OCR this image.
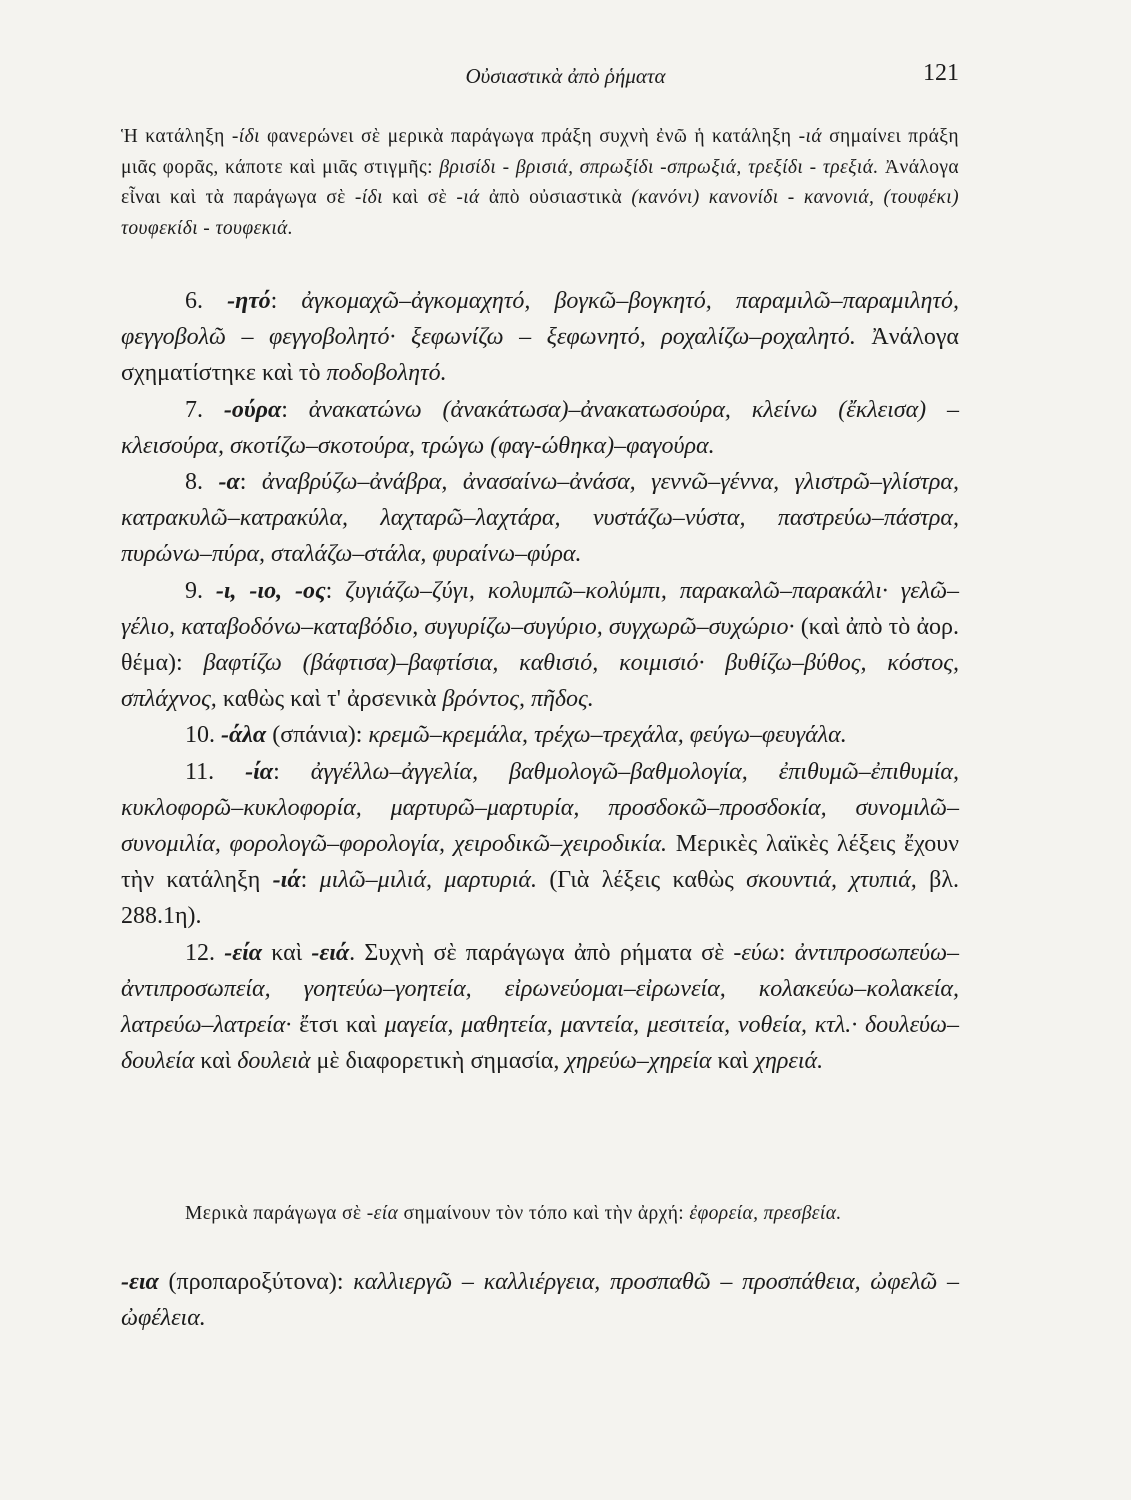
Οὐσιαστικὰ ἀπὸ ῥήματα	121

Ἡ κατάληξη -ίδι φανερώνει σὲ μερικὰ παράγωγα πράξη συχνὴ ἐνῶ ἡ κατάληξη -ιά σημαίνει πράξη μιᾶς φορᾶς, κάποτε καὶ μιᾶς στιγμῆς: βρισίδι - βρισιά, σπρωξίδι -σπρωξιά, τρεξίδι - τρεξιά. Ἀνάλογα εἶναι καὶ τὰ παράγωγα σὲ -ίδι καὶ σὲ -ιά ἀπὸ οὐσιαστικὰ (κανόνι) κανονίδι - κανονιά, (τουφέκι) τουφεκίδι - τουφεκιά.

6. -ητό: ἀγκομαχῶ–ἀγκομαχητό, βογκῶ–βογκητό, παραμιλῶ–παραμιλητό, φεγγοβολῶ – φεγγοβολητό· ξεφωνίζω – ξεφωνητό, ροχαλίζω–ροχαλητό. Ἀνάλογα σχηματίστηκε καὶ τὸ ποδοβολητό.

7. -ούρα: ἀνακατώνω (ἀνακάτωσα)–ἀνακατωσούρα, κλείνω (ἔκλεισα) – κλεισούρα, σκοτίζω–σκοτούρα, τρώγω (φαγ-ώθηκα)–φαγούρα.

8. -α: ἀναβρύζω–ἀνάβρα, ἀνασαίνω–ἀνάσα, γεννῶ–γέννα, γλιστρῶ–γλίστρα, κατρακυλῶ–κατρακύλα, λαχταρῶ–λαχτάρα, νυστάζω–νύστα, παστρεύω–πάστρα, πυρώνω–πύρα, σταλάζω–στάλα, φυραίνω–φύρα.

9. -ι, -ιο, -ος: ζυγιάζω–ζύγι, κολυμπῶ–κολύμπι, παρακαλῶ–παρακάλι· γελῶ–γέλιο, καταβοδόνω–καταβόδιο, συγυρίζω–συγύριο, συγχωρῶ–συχώριο· (καὶ ἀπὸ τὸ ἀορ. θέμα): βαφτίζω (βάφτισα)–βαφτίσια, καθισιό, κοιμισιό· βυθίζω–βύθος, κόστος, σπλάχνος, καθὼς καὶ τ' ἀρσενικὰ βρόντος, πῆδος.

10. -άλα (σπάνια): κρεμῶ–κρεμάλα, τρέχω–τρεχάλα, φεύγω–φευγάλα.

11. -ία: ἀγγέλλω–ἀγγελία, βαθμολογῶ–βαθμολογία, ἐπιθυμῶ–ἐπιθυμία, κυκλοφορῶ–κυκλοφορία, μαρτυρῶ–μαρτυρία, προσδοκῶ–προσδοκία, συνομιλῶ–συνομιλία, φορολογῶ–φορολογία, χειροδικῶ–χειροδικία. Μερικὲς λαϊκὲς λέξεις ἔχουν τὴν κατάληξη -ιά: μιλῶ–μιλιά, μαρτυριά. (Γιὰ λέξεις καθὼς σκουντιά, χτυπιά, βλ. 288.1η).

12. -εία καὶ -ειά. Συχνὴ σὲ παράγωγα ἀπὸ ρήματα σὲ -εύω: ἀντιπροσωπεύω–ἀντιπροσωπεία, γοητεύω–γοητεία, εἰρωνεύομαι–εἰρωνεία, κολακεύω–κολακεία, λατρεύω–λατρεία· ἔτσι καὶ μαγεία, μαθητεία, μαντεία, μεσιτεία, νοθεία, κτλ.· δουλεύω–δουλεία καὶ δουλειὰ μὲ διαφορετικὴ σημασία, χηρεύω–χηρεία καὶ χηρειά.

Μερικὰ παράγωγα σὲ -εία σημαίνουν τὸν τόπο καὶ τὴν ἀρχή: ἐφορεία, πρεσβεία.

-εια (προπαροξύτονα): καλλιεργῶ – καλλιέργεια, προσπαθῶ – προσπάθεια, ὠφελῶ – ὠφέλεια.
